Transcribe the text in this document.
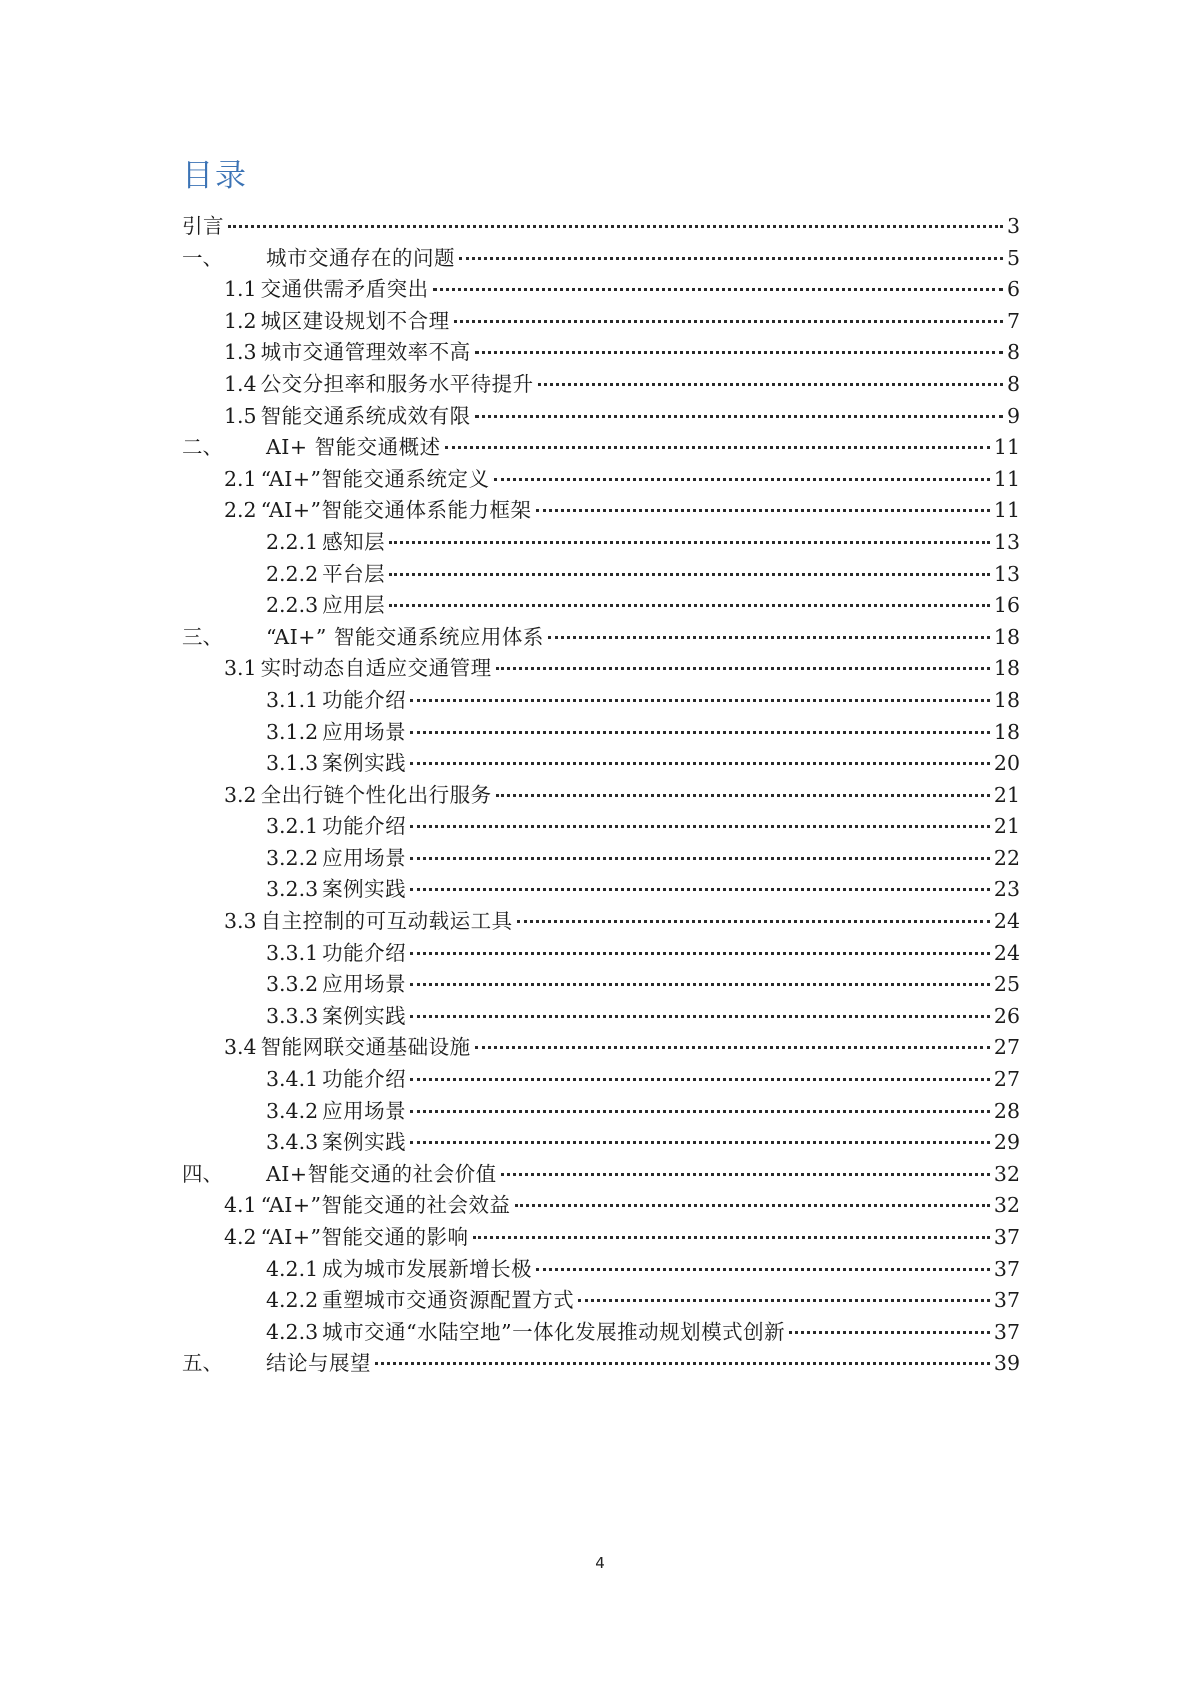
目录
引言	3
一、	城市交通存在的问题	5
1.1 交通供需矛盾突出	6
1.2 城区建设规划不合理	7
1.3 城市交通管理效率不高	8
1.4 公交分担率和服务水平待提升	8
1.5 智能交通系统成效有限	9
二、	AI+ 智能交通概述	11
2.1 “AI+”智能交通系统定义	11
2.2 “AI+”智能交通体系能力框架	11
2.2.1 感知层	13
2.2.2 平台层	13
2.2.3 应用层	16
三、	“AI+” 智能交通系统应用体系	18
3.1 实时动态自适应交通管理	18
3.1.1 功能介绍	18
3.1.2 应用场景	18
3.1.3 案例实践	20
3.2 全出行链个性化出行服务	21
3.2.1 功能介绍	21
3.2.2 应用场景	22
3.2.3 案例实践	23
3.3 自主控制的可互动载运工具	24
3.3.1 功能介绍	24
3.3.2 应用场景	25
3.3.3 案例实践	26
3.4 智能网联交通基础设施	27
3.4.1 功能介绍	27
3.4.2 应用场景	28
3.4.3 案例实践	29
四、	AI+智能交通的社会价值	32
4.1 “AI+”智能交通的社会效益	32
4.2 “AI+”智能交通的影响	37
4.2.1 成为城市发展新增长极	37
4.2.2 重塑城市交通资源配置方式	37
4.2.3 城市交通“水陆空地”一体化发展推动规划模式创新	37
五、	结论与展望	39
4
